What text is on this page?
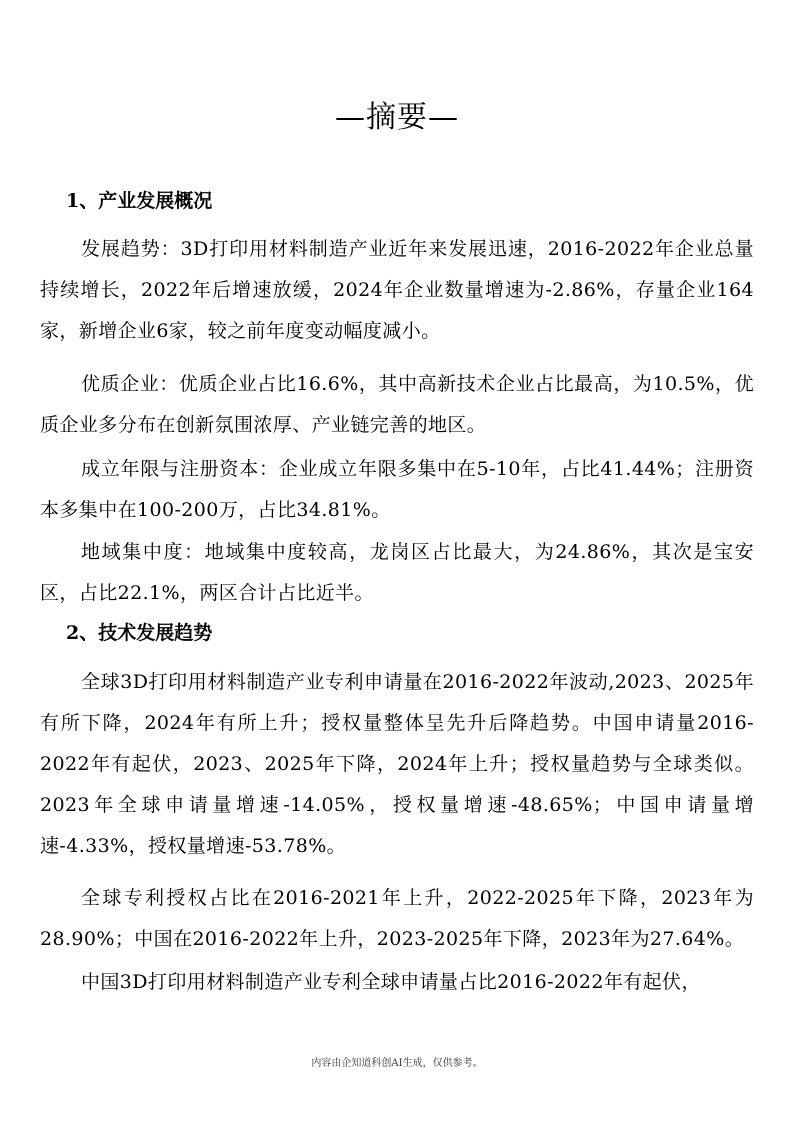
—摘要—
1、产业发展概况
发展趋势：3D打印用材料制造产业近年来发展迅速，2016-2022年企业总量持续增长，2022年后增速放缓，2024年企业数量增速为-2.86%，存量企业164家，新增企业6家，较之前年度变动幅度减小。
优质企业：优质企业占比16.6%，其中高新技术企业占比最高，为10.5%，优质企业多分布在创新氛围浓厚、产业链完善的地区。
成立年限与注册资本：企业成立年限多集中在5-10年，占比41.44%；注册资本多集中在100-200万，占比34.81%。
地域集中度：地域集中度较高，龙岗区占比最大，为24.86%，其次是宝安区，占比22.1%，两区合计占比近半。
2、技术发展趋势
全球3D打印用材料制造产业专利申请量在2016-2022年波动,2023、2025年有所下降，2024年有所上升；授权量整体呈先升后降趋势。中国申请量2016-2022年有起伏，2023、2025年下降，2024年上升；授权量趋势与全球类似。2023年全球申请量增速-14.05%，授权量增速-48.65%；中国申请量增速-4.33%，授权量增速-53.78%。
全球专利授权占比在2016-2021年上升，2022-2025年下降，2023年为28.90%；中国在2016-2022年上升，2023-2025年下降，2023年为27.64%。
中国3D打印用材料制造产业专利全球申请量占比2016-2022年有起伏，
内容由企知道科创AI生成，仅供参考。
